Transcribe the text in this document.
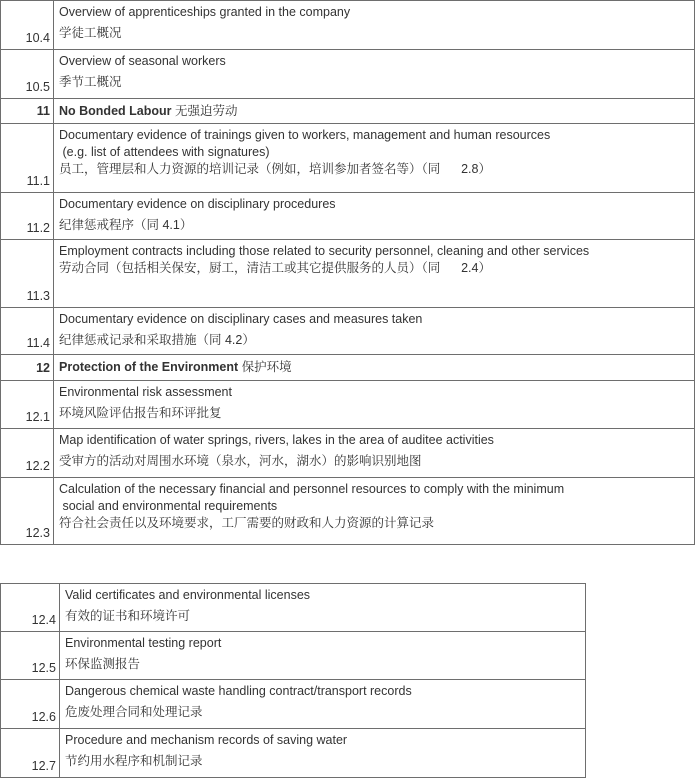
10.4	Overview of apprenticeships granted in the company
学徒工概况

10.5	Overview of seasonal workers
季节工概况

11	No Bonded Labour 无强迫劳动
11.1	Documentary evidence of trainings given to workers, management and human resources
(e.g. list of attendees with signatures)
员工，管理层和人力资源的培训记录（例如，培训参加者签名等）（同      2.8）

11.2	Documentary evidence on disciplinary procedures
纪律惩戒程序（同 4.1）

11.3	Employment contracts including those related to security personnel, cleaning and other services
劳动合同（包括相关保安，厨工，清洁工或其它提供服务的人员）（同      2.4）

11.4	Documentary evidence on disciplinary cases and measures taken
纪律惩戒记录和采取措施（同 4.2）

12	Protection of the Environment 保护环境
12.1	Environmental risk assessment
环境风险评估报告和环评批复

12.2	Map identification of water springs, rivers, lakes in the area of auditee activities
受审方的活动对周围水环境（泉水，河水，湖水）的影响识别地图

12.3	Calculation of the necessary financial and personnel resources to comply with the minimum
social and environmental requirements
符合社会责任以及环境要求，工厂需要的财政和人力资源的计算记录
12.4	Valid certificates and environmental licenses
有效的证书和环境许可

12.5	Environmental testing report
环保监测报告

12.6	Dangerous chemical waste handling contract/transport records
危废处理合同和处理记录

12.7	Procedure and mechanism records of saving water
节约用水程序和机制记录
